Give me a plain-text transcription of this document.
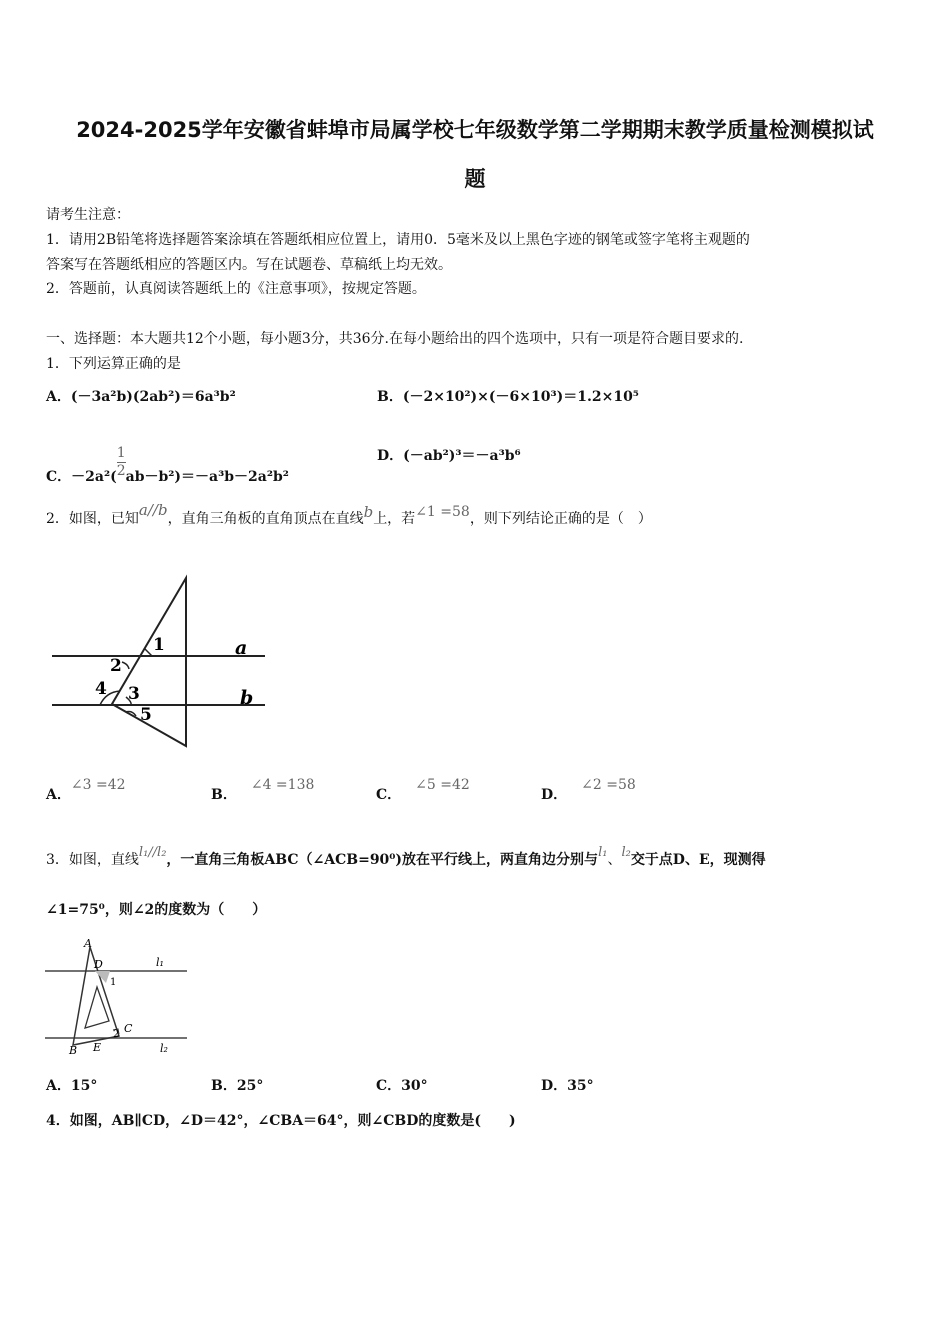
2024-2025学年安徽省蚌埠市局属学校七年级数学第二学期期末教学质量检测模拟试
题
请考生注意：
1．请用2B铅笔将选择题答案涂填在答题纸相应位置上，请用0．5毫米及以上黑色字迹的钢笔或签字笔将主观题的
答案写在答题纸相应的答题区内。写在试题卷、草稿纸上均无效。
2．答题前，认真阅读答题纸上的《注意事项》，按规定答题。
一、选择题：本大题共12个小题，每小题3分，共36分.在每小题给出的四个选项中，只有一项是符合题目要求的.
1．下列运算正确的是
A．(－3a²b)(2ab²)＝6a³b²	B．(－2×10²)×(－6×10³)＝1.2×10⁵
C．$-2a^2(\frac{1}{2} ab-b^2)=-a^3b-2a^2b^2$
D．(－ab²)³＝－a³b⁶
2．如图，已知a//b，直角三角板的直角顶点在直线b上，若∠1 =58，则下列结论正确的是（　）
1
2
3
4
5
a
b
A．∠3 =42
B．∠4 =138
C．∠5 =42
D．∠2 =58
3．如图，直线l₁//l₂，一直角三角板ABC（∠ACB=90⁰)放在平行线上，两直角边分别与l₁、l₂交于点D、E，现测得
∠1=75⁰，则∠2的度数为（　　）
A
D
C
B E
1
2
l₁
l₂
A．15°	B．25°	C．30°	D．35°
4．如图，AB∥CD，∠D＝42°，∠CBA＝64°，则∠CBD的度数是(　　)
